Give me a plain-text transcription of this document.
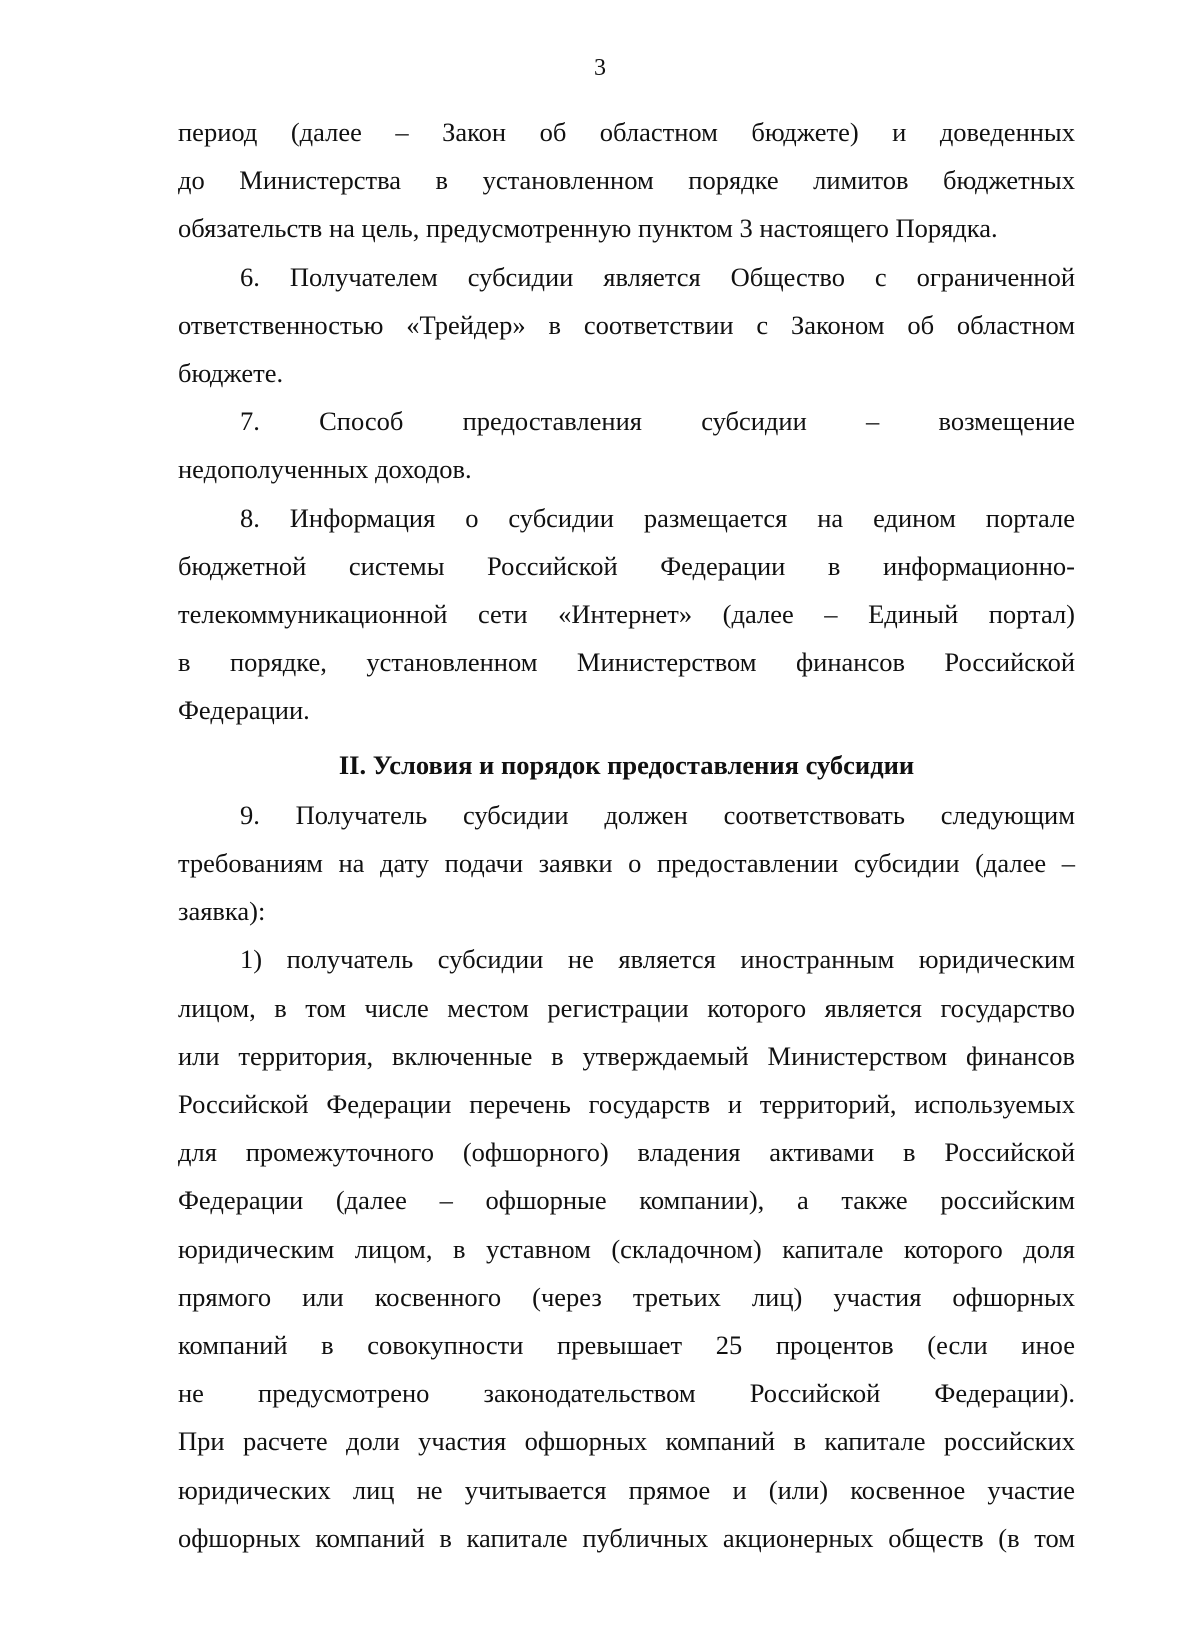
3
период (далее – Закон об областном бюджете) и доведенных
до Министерства в установленном порядке лимитов бюджетных
обязательств на цель, предусмотренную пунктом 3 настоящего Порядка.
6. Получателем субсидии является Общество с ограниченной
ответственностью «Трейдер» в соответствии с Законом об областном
бюджете.
7. Способ предоставления субсидии – возмещение
недополученных доходов.
8. Информация о субсидии размещается на едином портале
бюджетной системы Российской Федерации в информационно-
телекоммуникационной сети «Интернет» (далее – Единый портал)
в порядке, установленном Министерством финансов Российской
Федерации.
II. Условия и порядок предоставления субсидии
9. Получатель субсидии должен соответствовать следующим
требованиям на дату подачи заявки о предоставлении субсидии (далее –
заявка):
1) получатель субсидии не является иностранным юридическим
лицом, в том числе местом регистрации которого является государство
или территория, включенные в утверждаемый Министерством финансов
Российской Федерации перечень государств и территорий, используемых
для промежуточного (офшорного) владения активами в Российской
Федерации (далее – офшорные компании), а также российским
юридическим лицом, в уставном (складочном) капитале которого доля
прямого или косвенного (через третьих лиц) участия офшорных
компаний в совокупности превышает 25 процентов (если иное
не предусмотрено законодательством Российской Федерации).
При расчете доли участия офшорных компаний в капитале российских
юридических лиц не учитывается прямое и (или) косвенное участие
офшорных компаний в капитале публичных акционерных обществ (в том
